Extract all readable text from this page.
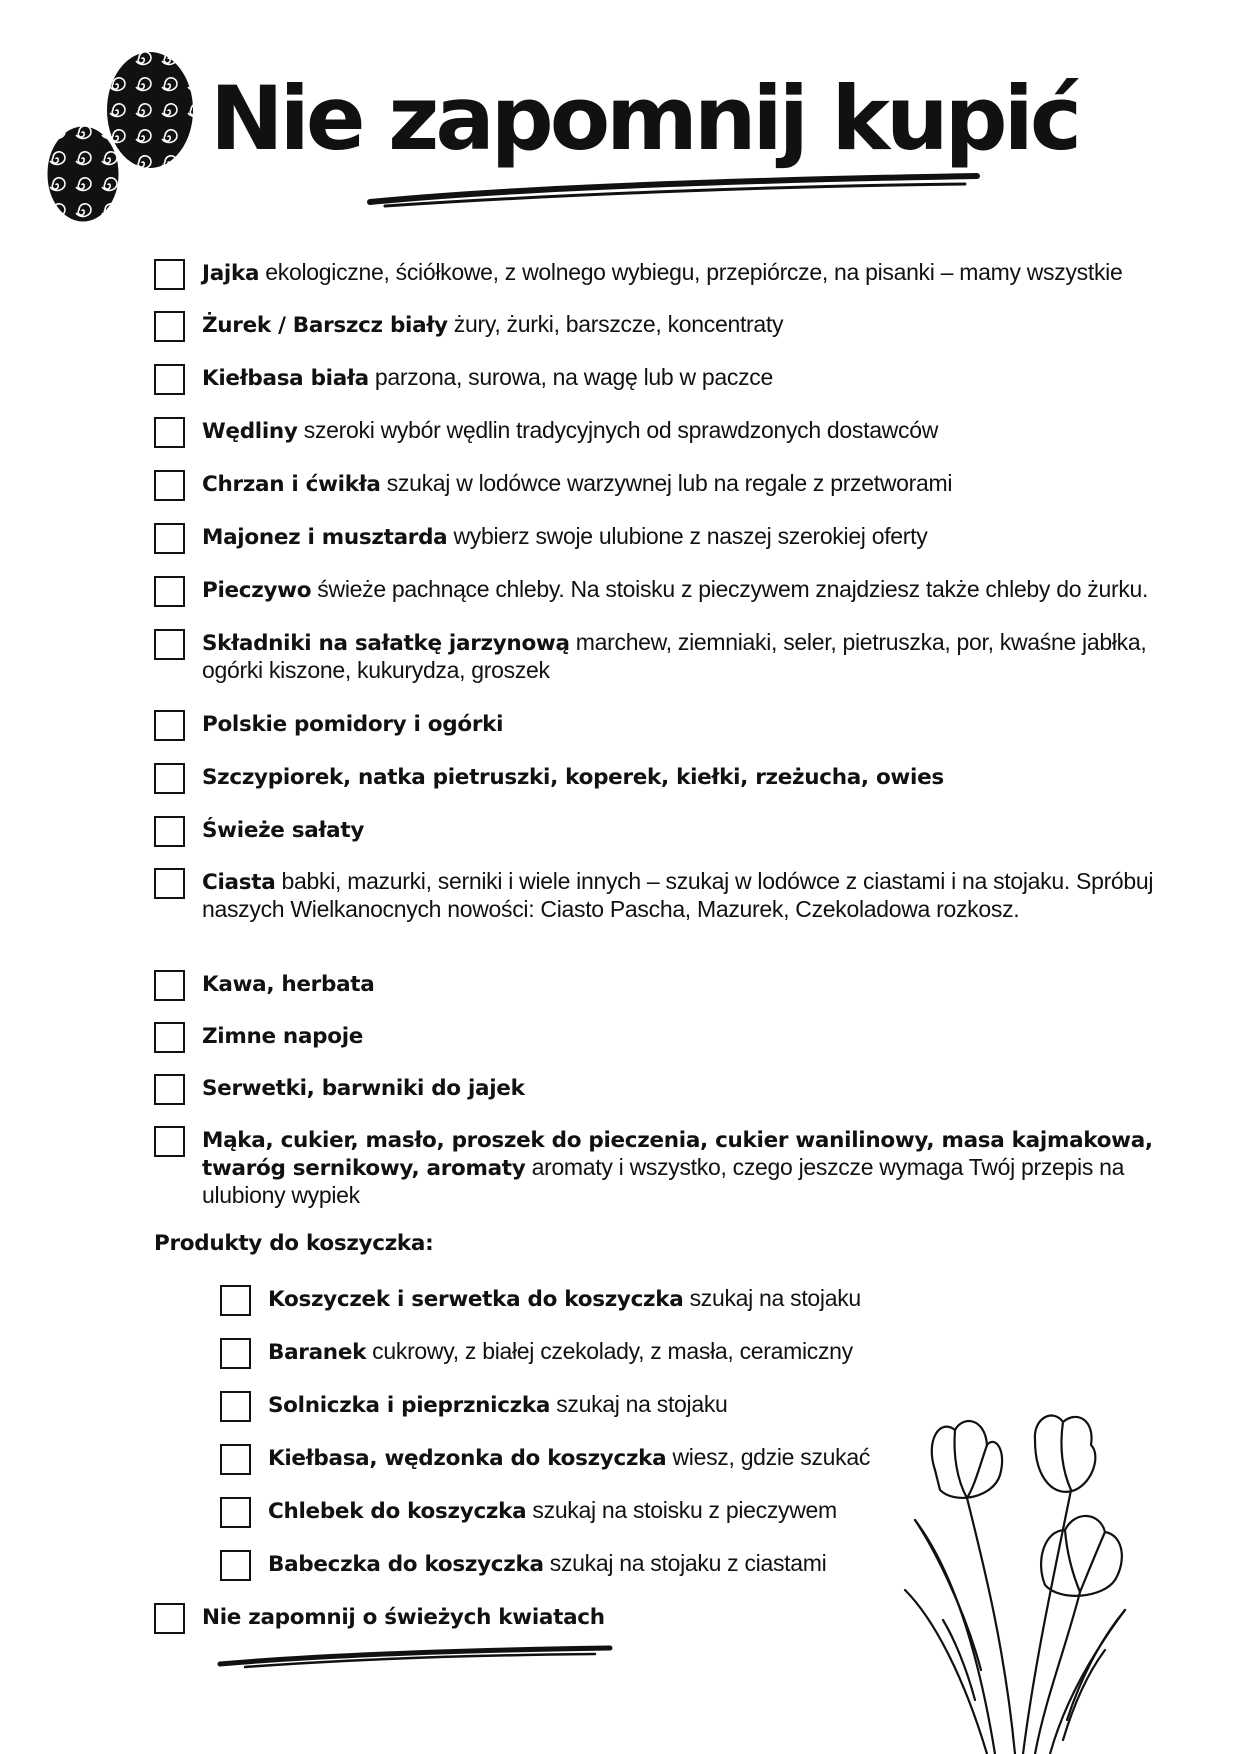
Nie zapomnij kupić
Jajka ekologiczne, ściółkowe, z wolnego wybiegu, przepiórcze, na pisanki – mamy wszystkie
Żurek / Barszcz biały żury, żurki, barszcze, koncentraty
Kiełbasa biała parzona, surowa, na wagę lub w paczce
Wędliny szeroki wybór wędlin tradycyjnych od sprawdzonych dostawców
Chrzan i ćwikła szukaj w lodówce warzywnej lub na regale z przetworami
Majonez i musztarda wybierz swoje ulubione z naszej szerokiej oferty
Pieczywo świeże pachnące chleby. Na stoisku z pieczywem znajdziesz także chleby do żurku.
Składniki na sałatkę jarzynową marchew, ziemniaki, seler, pietruszka, por, kwaśne jabłka, ogórki kiszone, kukurydza, groszek
Polskie pomidory i ogórki
Szczypiorek, natka pietruszki, koperek, kiełki, rzeżucha, owies
Świeże sałaty
Ciasta babki, mazurki, serniki i wiele innych – szukaj w lodówce z ciastami i na stojaku. Spróbuj naszych Wielkanocnych nowości: Ciasto Pascha, Mazurek, Czekoladowa rozkosz.
Kawa, herbata
Zimne napoje
Serwetki, barwniki do jajek
Mąka, cukier, masło, proszek do pieczenia, cukier wanilinowy, masa kajmakowa, twaróg sernikowy, aromaty aromaty i wszystko, czego jeszcze wymaga Twój przepis na ulubiony wypiek
Produkty do koszyczka:
Koszyczek i serwetka do koszyczka szukaj na stojaku
Baranek cukrowy, z białej czekolady, z masła, ceramiczny
Solniczka i pieprzniczka szukaj na stojaku
Kiełbasa, wędzonka do koszyczka wiesz, gdzie szukać
Chlebek do koszyczka szukaj na stoisku z pieczywem
Babeczka do koszyczka szukaj na stojaku z ciastami
Nie zapomnij o świeżych kwiatach
